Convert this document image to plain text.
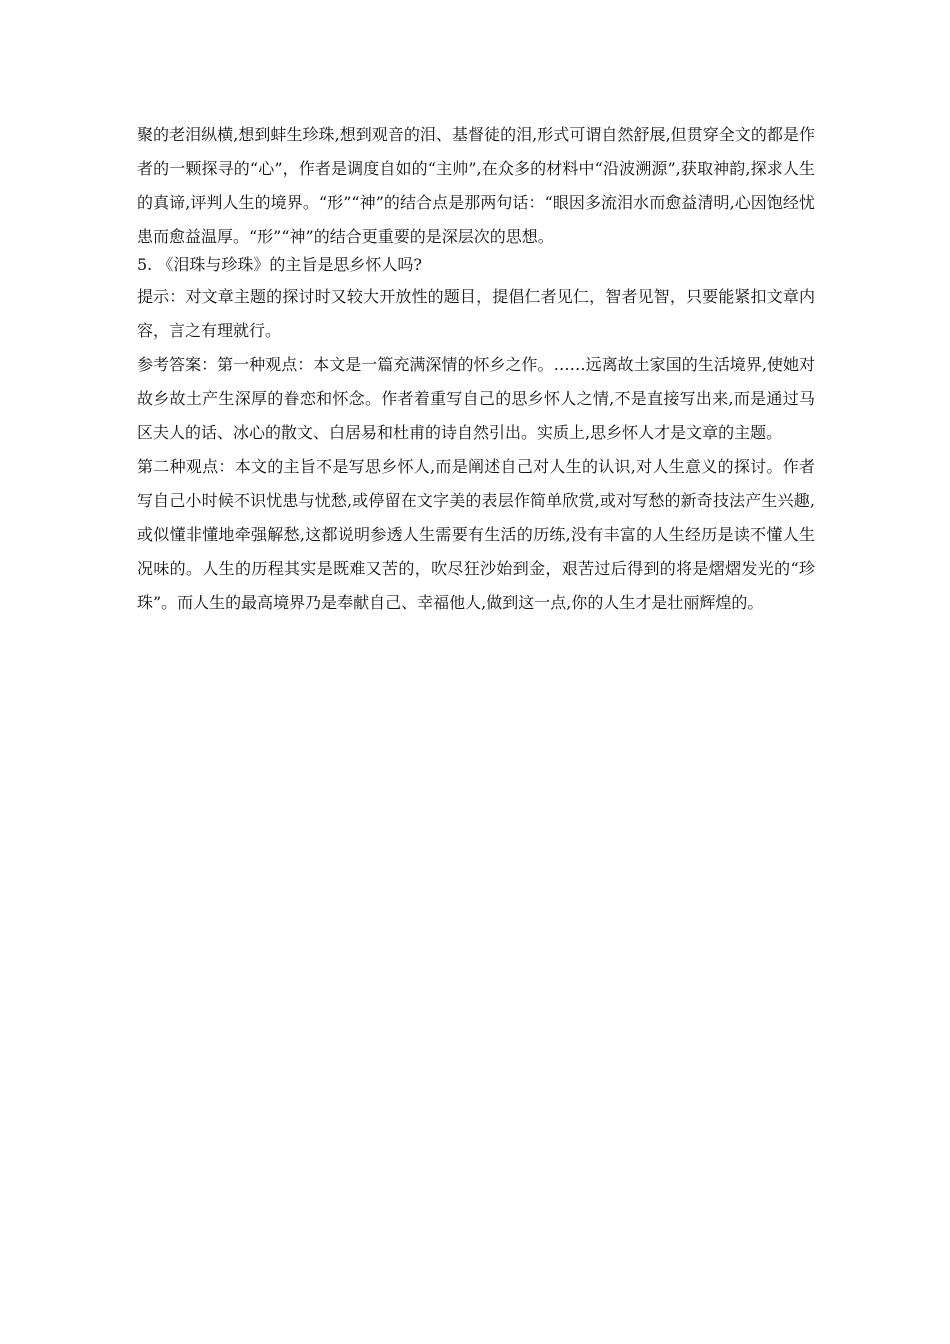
聚的老泪纵横,想到蚌生珍珠,想到观音的泪、基督徒的泪,形式可谓自然舒展,但贯穿全文的都是作者的一颗探寻的“心”，作者是调度自如的“主帅”,在众多的材料中“沿波溯源”,获取神韵,探求人生的真谛,评判人生的境界。“形”“神”的结合点是那两句话：“眼因多流泪水而愈益清明,心因饱经忧患而愈益温厚。“形”“神”的结合更重要的是深层次的思想。

5. 《泪珠与珍珠》的主旨是思乡怀人吗?

提示：对文章主题的探讨时又较大开放性的题目，提倡仁者见仁，智者见智，只要能紧扣文章内容，言之有理就行。

参考答案：第一种观点：本文是一篇充满深情的怀乡之作。……远离故土家国的生活境界,使她对故乡故土产生深厚的眷恋和怀念。作者着重写自己的思乡怀人之情,不是直接写出来,而是通过马区夫人的话、冰心的散文、白居易和杜甫的诗自然引出。实质上,思乡怀人才是文章的主题。

第二种观点：本文的主旨不是写思乡怀人,而是阐述自己对人生的认识,对人生意义的探讨。作者写自己小时候不识忧患与忧愁,或停留在文字美的表层作简单欣赏,或对写愁的新奇技法产生兴趣,或似懂非懂地牵强解愁,这都说明参透人生需要有生活的历练,没有丰富的人生经历是读不懂人生况味的。人生的历程其实是既难又苦的，吹尽狂沙始到金，艰苦过后得到的将是熠熠发光的“珍珠”。而人生的最高境界乃是奉献自己、幸福他人,做到这一点,你的人生才是壮丽辉煌的。
